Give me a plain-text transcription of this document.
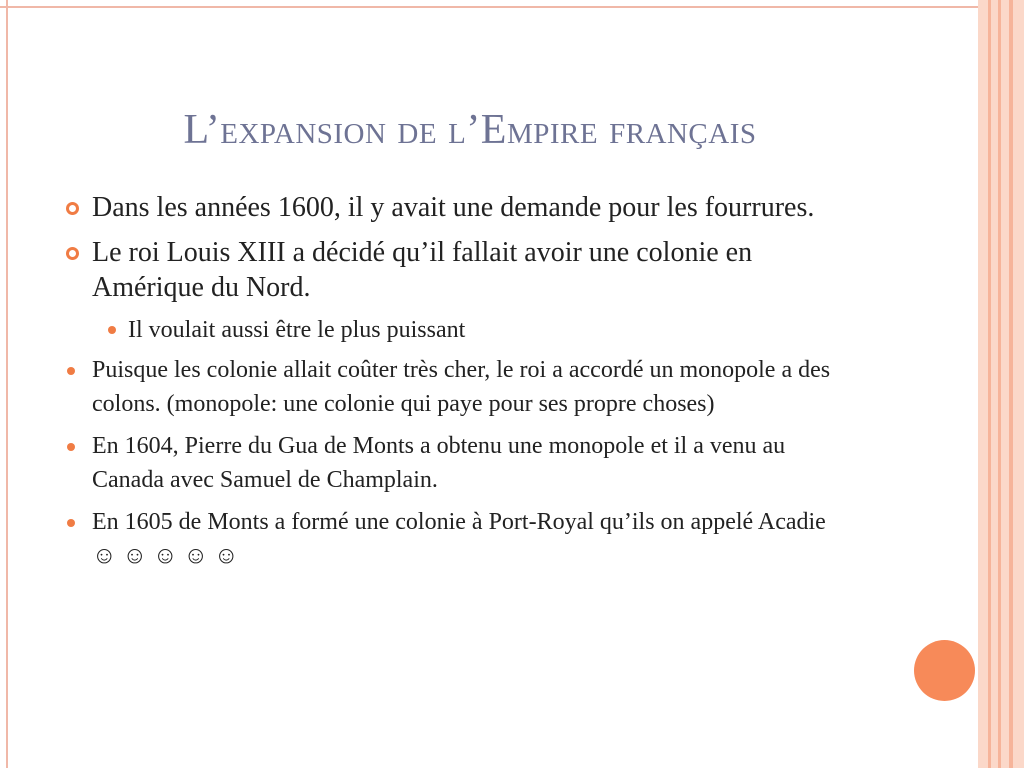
L’expansion de l’Empire français
Dans les années 1600, il y avait une demande pour les fourrures.
Le roi Louis XIII a décidé qu’il fallait avoir une colonie en Amérique du Nord.
Il voulait aussi être le plus puissant
Puisque les colonie allait coûter très cher, le roi a accordé un monopole a des colons. (monopole: une colonie qui paye pour ses propre choses)
En 1604, Pierre du Gua de Monts a obtenu une monopole et il a venu au Canada avec Samuel de Champlain.
En 1605 de Monts a formé une colonie à Port-Royal qu’ils on appelé Acadie ☺ ☺ ☺ ☺ ☺
